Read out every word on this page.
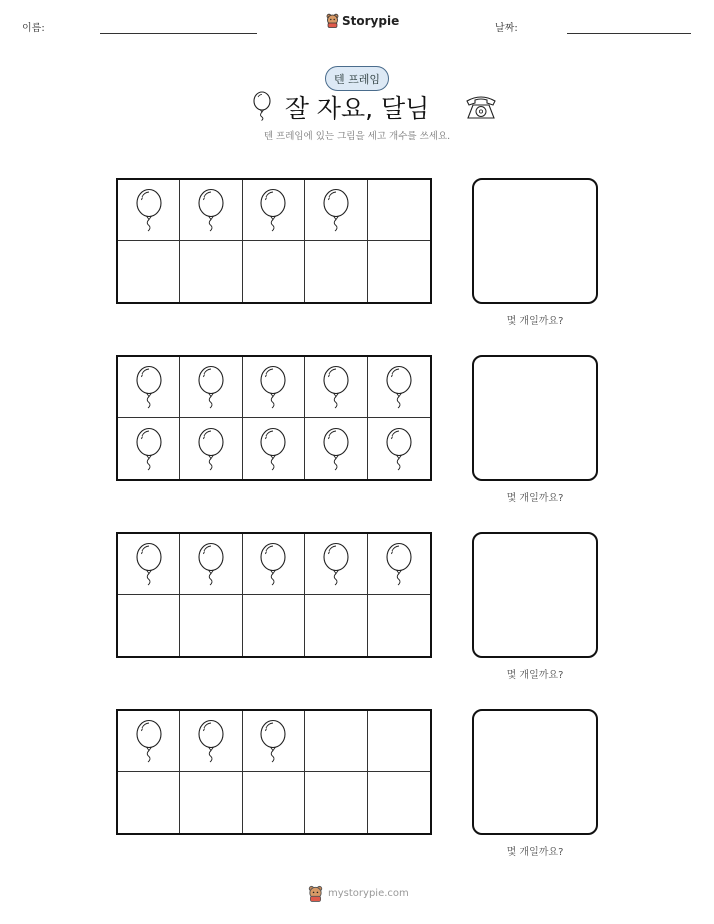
이름:
Storypie
날짜:
텐 프레임
잘 자요, 달님
텐 프레임에 있는 그림을 세고 개수를 쓰세요.
몇 개일까요?
몇 개일까요?
몇 개일까요?
몇 개일까요?
mystorypie.com
